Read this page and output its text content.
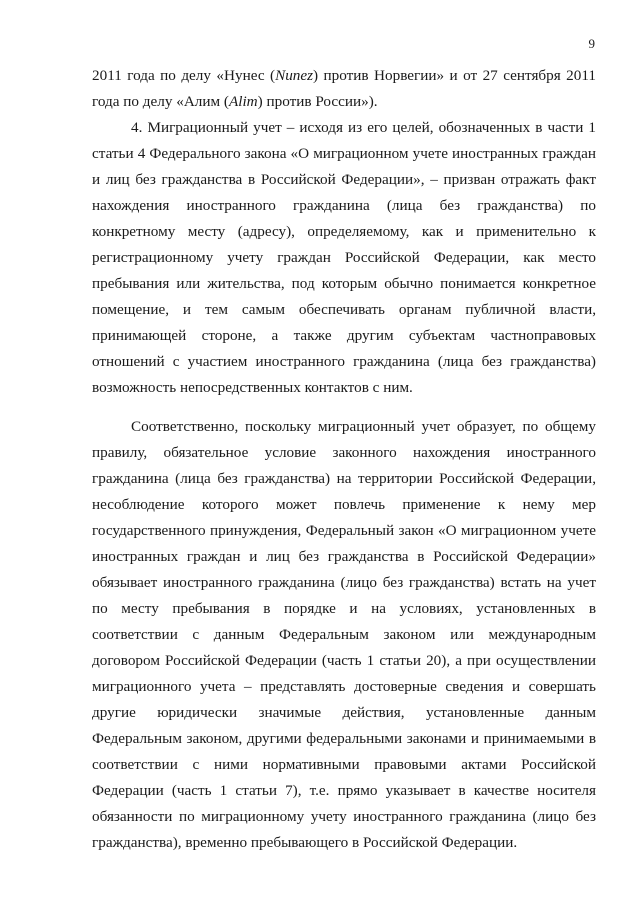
9

2011 года по делу «Нунес (Nunez) против Норвегии» и от 27 сентября 2011 года по делу «Алим (Alim) против России»).

4. Миграционный учет – исходя из его целей, обозначенных в части 1 статьи 4 Федерального закона «О миграционном учете иностранных граждан и лиц без гражданства в Российской Федерации», – призван отражать факт нахождения иностранного гражданина (лица без гражданства) по конкретному месту (адресу), определяемому, как и применительно к регистрационному учету граждан Российской Федерации, как место пребывания или жительства, под которым обычно понимается конкретное помещение, и тем самым обеспечивать органам публичной власти, принимающей стороне, а также другим субъектам частноправовых отношений с участием иностранного гражданина (лица без гражданства) возможность непосредственных контактов с ним.

Соответственно, поскольку миграционный учет образует, по общему правилу, обязательное условие законного нахождения иностранного гражданина (лица без гражданства) на территории Российской Федерации, несоблюдение которого может повлечь применение к нему мер государственного принуждения, Федеральный закон «О миграционном учете иностранных граждан и лиц без гражданства в Российской Федерации» обязывает иностранного гражданина (лицо без гражданства) встать на учет по месту пребывания в порядке и на условиях, установленных в соответствии с данным Федеральным законом или международным договором Российской Федерации (часть 1 статьи 20), а при осуществлении миграционного учета – представлять достоверные сведения и совершать другие юридически значимые действия, установленные данным Федеральным законом, другими федеральными законами и принимаемыми в соответствии с ними нормативными правовыми актами Российской Федерации (часть 1 статьи 7), т.е. прямо указывает в качестве носителя обязанности по миграционному учету иностранного гражданина (лицо без гражданства), временно пребывающего в Российской Федерации.
